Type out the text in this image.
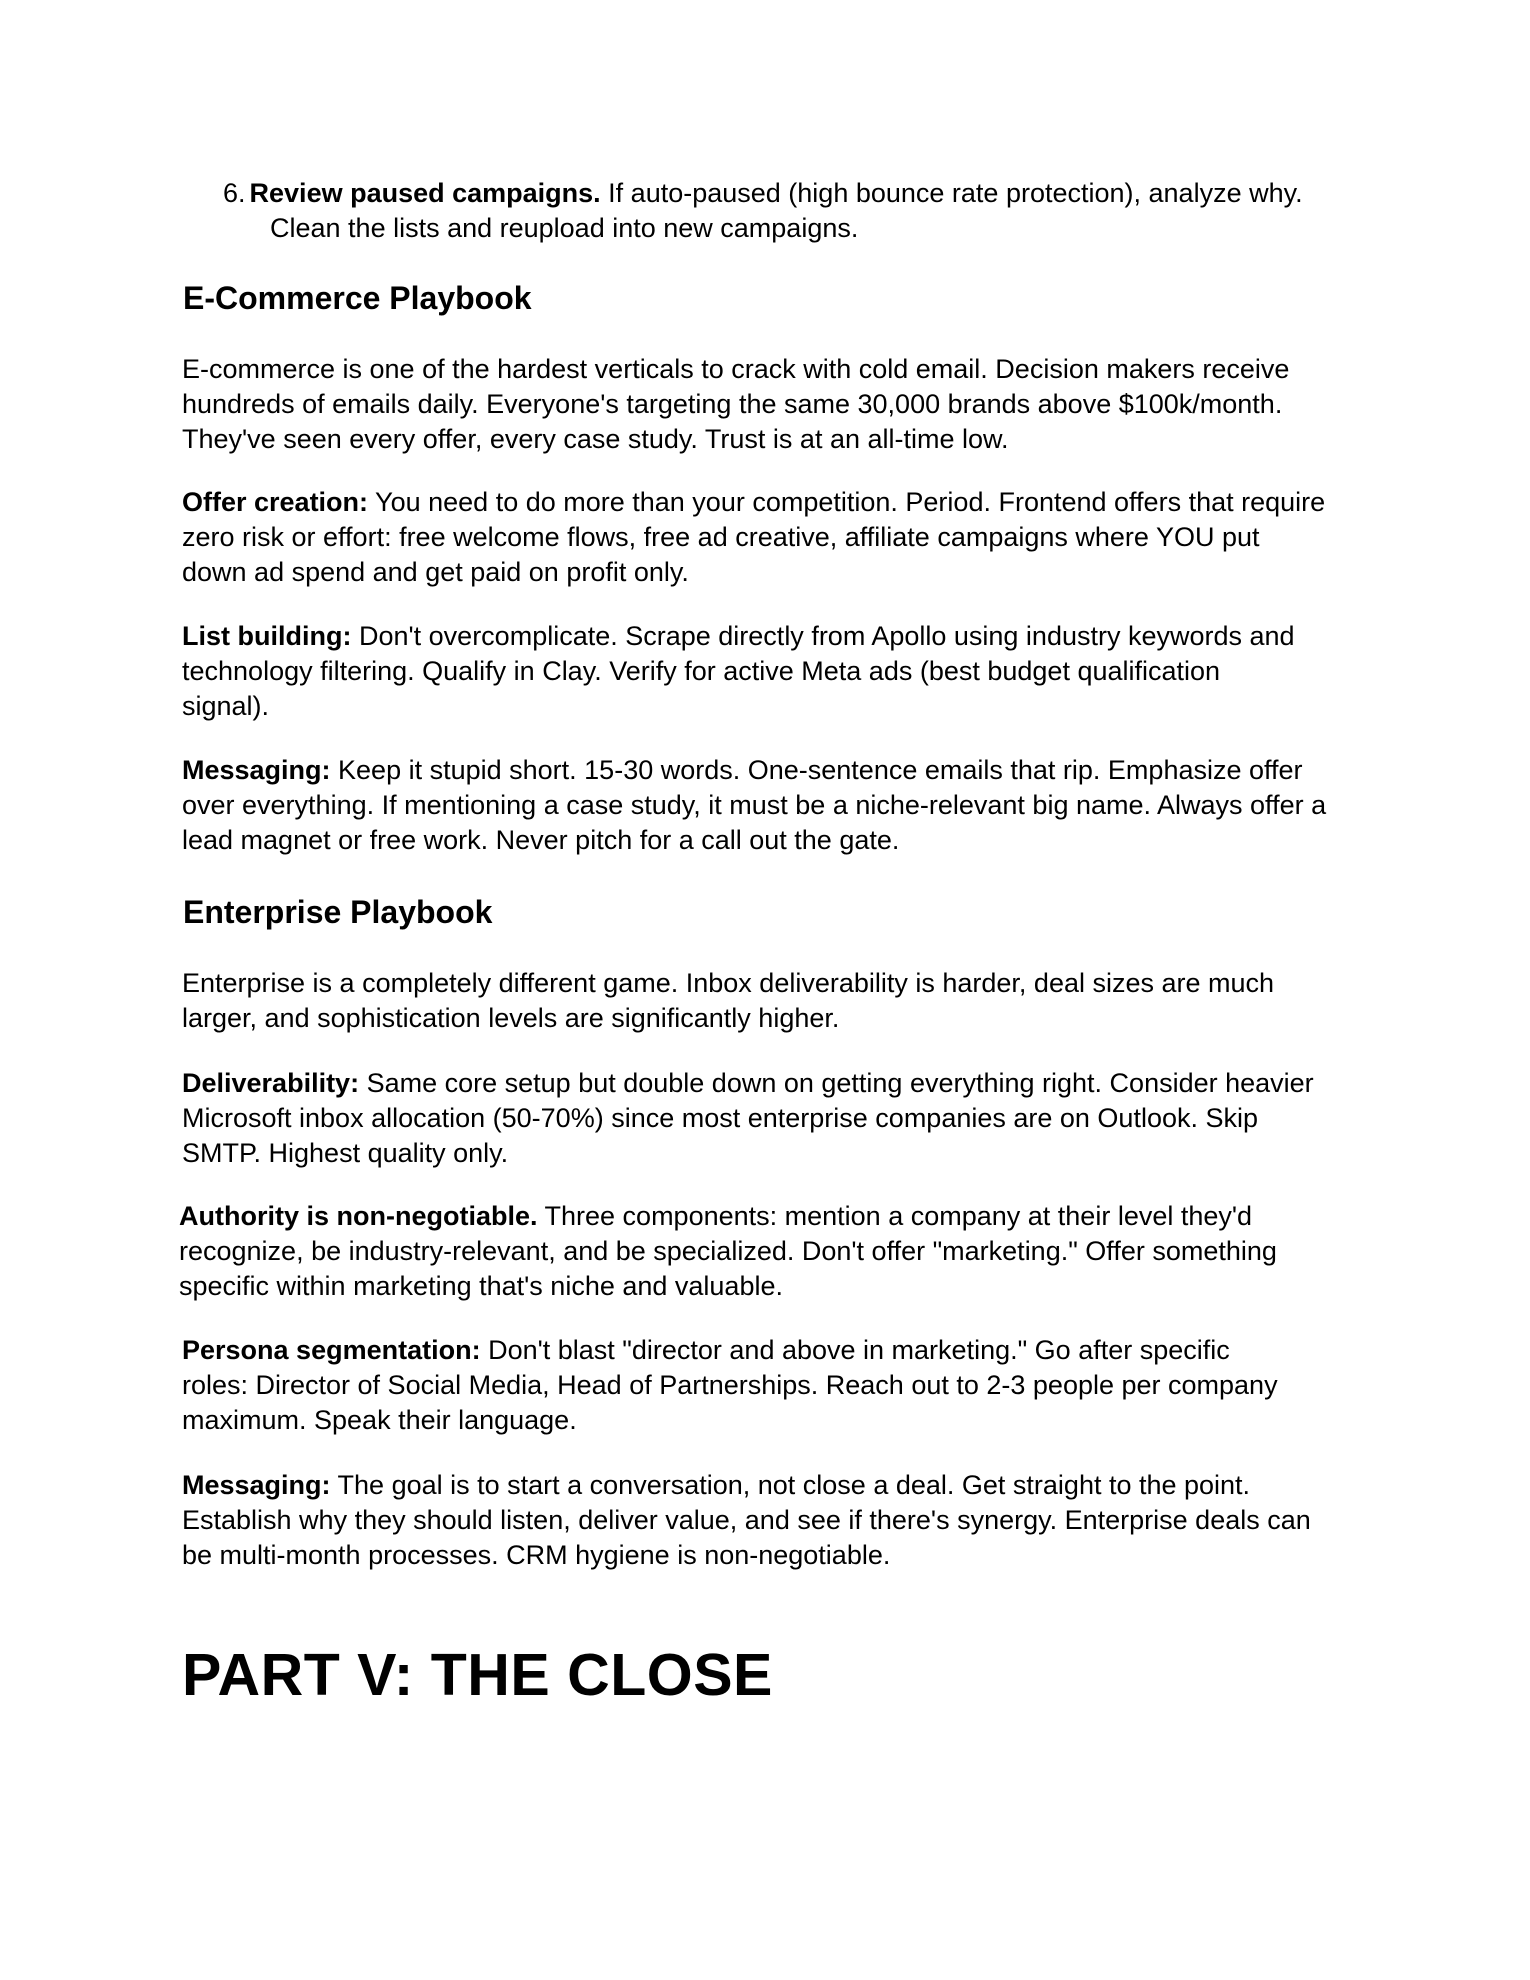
6. Review paused campaigns. If auto-paused (high bounce rate protection), analyze why.
Clean the lists and reupload into new campaigns.
E-Commerce Playbook
E-commerce is one of the hardest verticals to crack with cold email. Decision makers receive
hundreds of emails daily. Everyone's targeting the same 30,000 brands above $100k/month.
They've seen every offer, every case study. Trust is at an all-time low.
Offer creation: You need to do more than your competition. Period. Frontend offers that require
zero risk or effort: free welcome flows, free ad creative, affiliate campaigns where YOU put
down ad spend and get paid on profit only.
List building: Don't overcomplicate. Scrape directly from Apollo using industry keywords and
technology filtering. Qualify in Clay. Verify for active Meta ads (best budget qualification
signal).
Messaging: Keep it stupid short. 15-30 words. One-sentence emails that rip. Emphasize offer
over everything. If mentioning a case study, it must be a niche-relevant big name. Always offer a
lead magnet or free work. Never pitch for a call out the gate.
Enterprise Playbook
Enterprise is a completely different game. Inbox deliverability is harder, deal sizes are much
larger, and sophistication levels are significantly higher.
Deliverability: Same core setup but double down on getting everything right. Consider heavier
Microsoft inbox allocation (50-70%) since most enterprise companies are on Outlook. Skip
SMTP. Highest quality only.
Authority is non-negotiable. Three components: mention a company at their level they'd
recognize, be industry-relevant, and be specialized. Don't offer "marketing." Offer something
specific within marketing that's niche and valuable.
Persona segmentation: Don't blast "director and above in marketing." Go after specific
roles: Director of Social Media, Head of Partnerships. Reach out to 2-3 people per company
maximum. Speak their language.
Messaging: The goal is to start a conversation, not close a deal. Get straight to the point.
Establish why they should listen, deliver value, and see if there's synergy. Enterprise deals can
be multi-month processes. CRM hygiene is non-negotiable.
PART V: THE CLOSE
